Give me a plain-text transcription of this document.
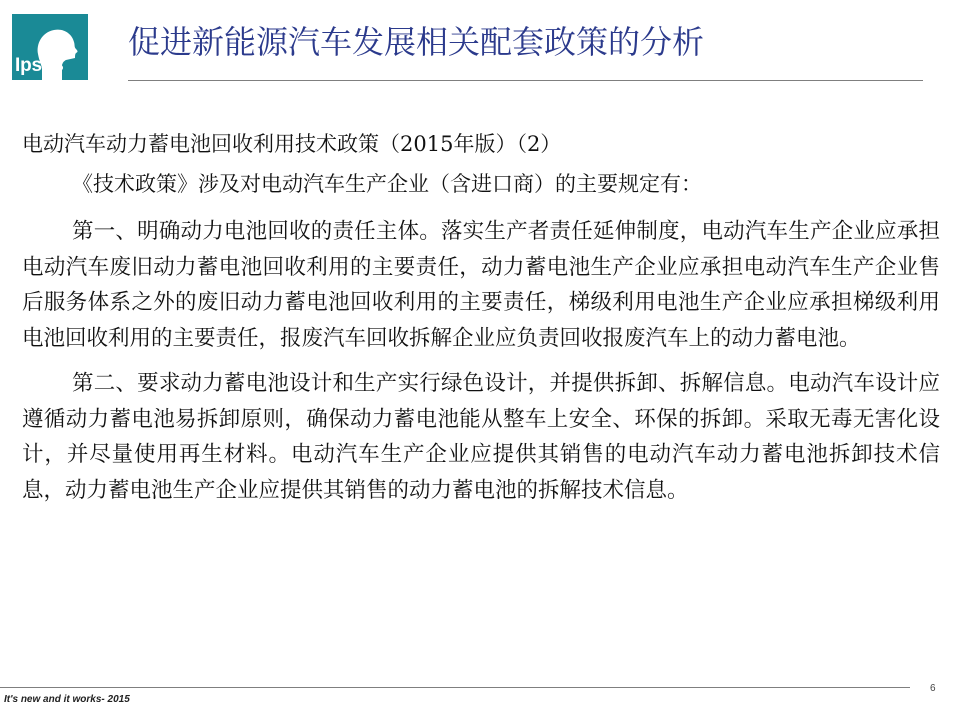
Ipsos
促进新能源汽车发展相关配套政策的分析

电动汽车动力蓄电池回收利用技术政策（2015年版）（2）

《技术政策》涉及对电动汽车生产企业（含进口商）的主要规定有：

第一、明确动力电池回收的责任主体。落实生产者责任延伸制度，电动汽车生产企业应承担电动汽车废旧动力蓄电池回收利用的主要责任，动力蓄电池生产企业应承担电动汽车生产企业售后服务体系之外的废旧动力蓄电池回收利用的主要责任，梯级利用电池生产企业应承担梯级利用电池回收利用的主要责任，报废汽车回收拆解企业应负责回收报废汽车上的动力蓄电池。

第二、要求动力蓄电池设计和生产实行绿色设计，并提供拆卸、拆解信息。电动汽车设计应遵循动力蓄电池易拆卸原则，确保动力蓄电池能从整车上安全、环保的拆卸。采取无毒无害化设计，并尽量使用再生材料。电动汽车生产企业应提供其销售的电动汽车动力蓄电池拆卸技术信息，动力蓄电池生产企业应提供其销售的动力蓄电池的拆解技术信息。

It's new and it works- 2015
6
